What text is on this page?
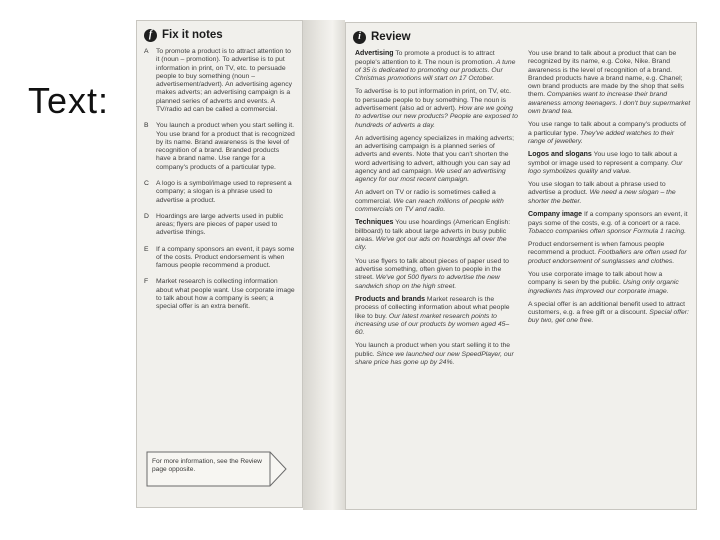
Text:
f Fix it notes
A	To promote a product is to attract attention to it (noun – promotion). To advertise is to put information in print, on TV, etc. to persuade people to buy something (noun – advertisement/advert). An advertising agency makes adverts; an advertising campaign is a planned series of adverts and events. A TV/radio ad can be called a commercial.
B	You launch a product when you start selling it. You use brand for a product that is recognized by its name. Brand awareness is the level of recognition of a brand. Branded products have a brand name. Use range for a company's products of a particular type.
C	A logo is a symbol/image used to represent a company; a slogan is a phrase used to advertise a product.
D	Hoardings are large adverts used in public areas; flyers are pieces of paper used to advertise things.
E	If a company sponsors an event, it pays some of the costs. Product endorsement is when famous people recommend a product.
F	Market research is collecting information about what people want. Use corporate image to talk about how a company is seen; a special offer is an extra benefit.
For more information, see the Review page opposite.
i Review
Advertising To promote a product is to attract people's attention to it. The noun is promotion. A tune of 35 is dedicated to promoting our products. Our Christmas promotions will start on 17 October.
To advertise is to put information in print, on TV, etc. to persuade people to buy something. The noun is advertisement (also ad or advert). How are we going to advertise our new products? People are exposed to hundreds of adverts a day.
An advertising agency specializes in making adverts; an advertising campaign is a planned series of adverts and events. Note that you can't shorten the word advertising to advert, although you can say ad agency and ad campaign. We used an advertising agency for our most recent campaign.
An advert on TV or radio is sometimes called a commercial. We can reach millions of people with commercials on TV and radio.
Techniques You use hoardings (American English: billboard) to talk about large adverts in busy public areas. We've got our ads on hoardings all over the city.
You use flyers to talk about pieces of paper used to advertise something, often given to people in the street. We've got 500 flyers to advertise the new sandwich shop on the high street.
Products and brands Market research is the process of collecting information about what people like to buy. Our latest market research points to increasing use of our products by women aged 45–60.
You launch a product when you start selling it to the public. Since we launched our new SpeedPlayer, our share price has gone up by 24%.
You use brand to talk about a product that can be recognized by its name, e.g. Coke, Nike. Brand awareness is the level of recognition of a brand. Branded products have a brand name, e.g. Chanel; own brand products are made by the shop that sells them. Companies want to increase their brand awareness among teenagers. I don't buy supermarket own brand tea.
You use range to talk about a company's products of a particular type. They've added watches to their range of jewellery.
Logos and slogans You use logo to talk about a symbol or image used to represent a company. Our logo symbolizes quality and value.
You use slogan to talk about a phrase used to advertise a product. We need a new slogan – the shorter the better.
Company image If a company sponsors an event, it pays some of the costs, e.g. of a concert or a race. Tobacco companies often sponsor Formula 1 racing.
Product endorsement is when famous people recommend a product. Footballers are often used for product endorsement of sunglasses and clothes.
You use corporate image to talk about how a company is seen by the public. Using only organic ingredients has improved our corporate image.
A special offer is an additional benefit used to attract customers, e.g. a free gift or a discount. Special offer: buy two, get one free.
